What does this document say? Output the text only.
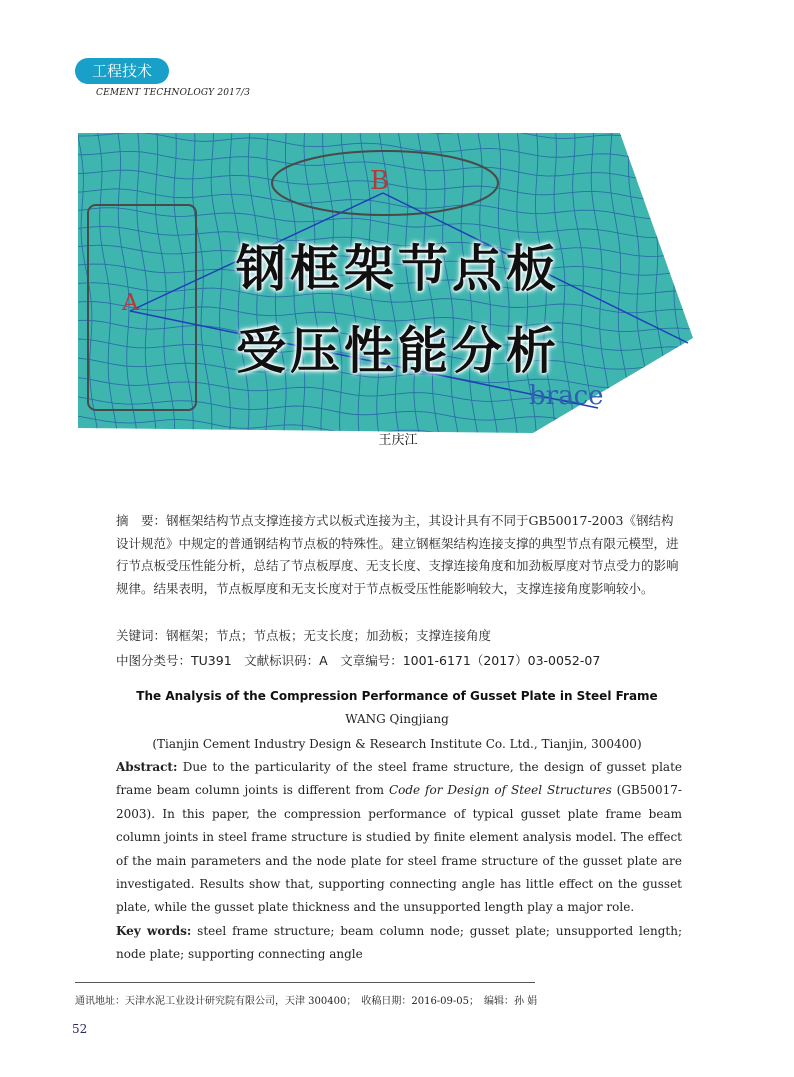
工程技术
CEMENT TECHNOLOGY 2017/3
A
B
brace
钢框架节点板
受压性能分析
王庆江
摘　要：钢框架结构节点支撑连接方式以板式连接为主，其设计具有不同于GB50017-2003《钢结构设计规范》中规定的普通钢结构节点板的特殊性。建立钢框架结构连接支撑的典型节点有限元模型，进行节点板受压性能分析，总结了节点板厚度、无支长度、支撑连接角度和加劲板厚度对节点受力的影响规律。结果表明，节点板厚度和无支长度对于节点板受压性能影响较大，支撑连接角度影响较小。
关键词：钢框架；节点；节点板；无支长度；加劲板；支撑连接角度
中图分类号：TU391　文献标识码：A　文章编号：1001-6171（2017）03-0052-07
The Analysis of the Compression Performance of Gusset Plate in Steel Frame
WANG Qingjiang
(Tianjin Cement Industry Design & Research Institute Co. Ltd., Tianjin, 300400)
Abstract: Due to the particularity of the steel frame structure, the design of gusset plate frame beam column joints is different from Code for Design of Steel Structures (GB50017-2003). In this paper, the compression performance of typical gusset plate frame beam column joints in steel frame structure is studied by finite element analysis model. The effect of the main parameters and the node plate for steel frame structure of the gusset plate are investigated. Results show that, supporting connecting angle has little effect on the gusset plate, while the gusset plate thickness and the unsupported length play a major role.
Key words: steel frame structure; beam column node; gusset plate; unsupported length; node plate; supporting connecting angle
通讯地址：天津水泥工业设计研究院有限公司，天津 300400；　收稿日期：2016-09-05；　编辑：孙 娟
52
